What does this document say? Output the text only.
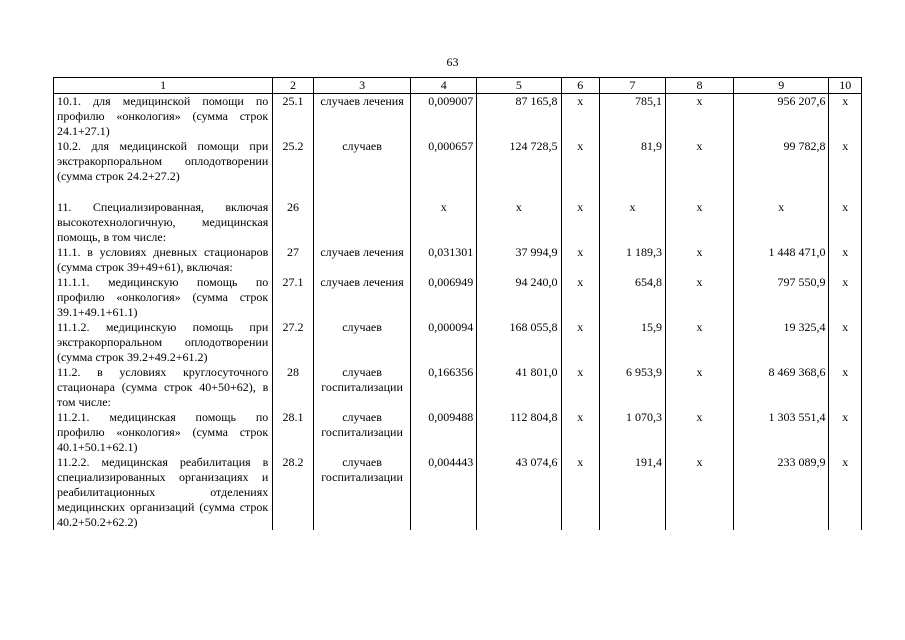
63
1	2	3	4	5	6	7	8	9	10
10.1. для медицинской помощи по профилю «онкология» (сумма строк 24.1+27.1)	25.1	случаев лечения	0,009007	87 165,8	х	785,1	х	956 207,6	х
10.2. для медицинской помощи при экстракорпоральном оплодотворении (сумма строк 24.2+27.2)	25.2	случаев	0,000657	124 728,5	х	81,9	х	99 782,8	х

11. Специализированная, включая высокотехнологичную, медицинская помощь, в том числе:	26		х	х	х	х	х	х	х
11.1. в условиях дневных стационаров (сумма строк 39+49+61), включая:	27	случаев лечения	0,031301	37 994,9	х	1 189,3	х	1 448 471,0	х
11.1.1. медицинскую помощь по профилю «онкология» (сумма строк 39.1+49.1+61.1)	27.1	случаев лечения	0,006949	94 240,0	х	654,8	х	797 550,9	х
11.1.2. медицинскую помощь при экстракорпоральном оплодотворении (сумма строк 39.2+49.2+61.2)	27.2	случаев	0,000094	168 055,8	х	15,9	х	19 325,4	х
11.2. в условиях круглосуточного стационара (сумма строк 40+50+62), в том числе:	28	случаев госпитализации	0,166356	41 801,0	х	6 953,9	х	8 469 368,6	х
11.2.1. медицинская помощь по профилю «онкология» (сумма строк 40.1+50.1+62.1)	28.1	случаев госпитализации	0,009488	112 804,8	х	1 070,3	х	1 303 551,4	х
11.2.2. медицинская реабилитация в специализированных организациях и реабилитационных отделениях медицинских организаций (сумма строк 40.2+50.2+62.2)	28.2	случаев госпитализации	0,004443	43 074,6	х	191,4	х	233 089,9	х
